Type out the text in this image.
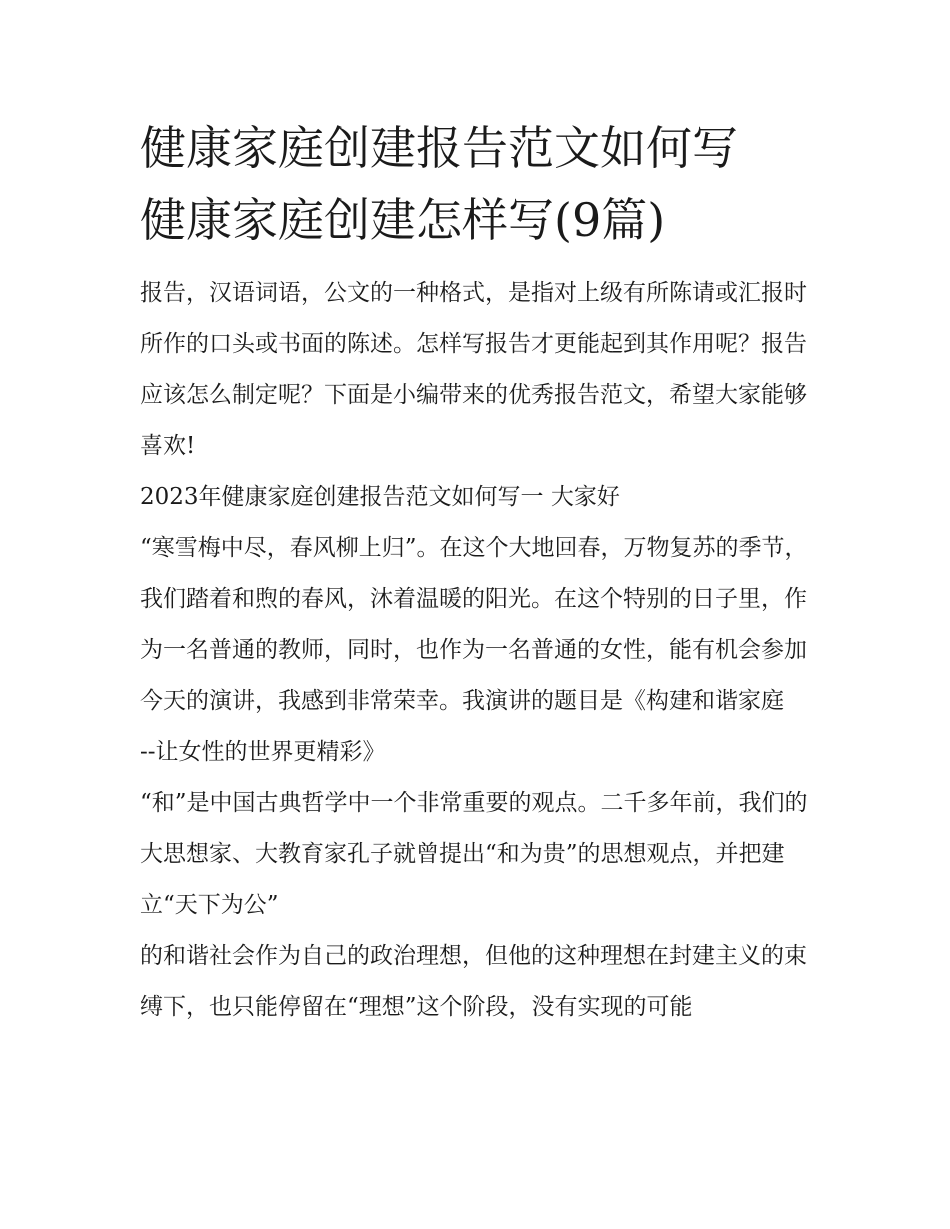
健康家庭创建报告范文如何写
健康家庭创建怎样写(9篇)

报告，汉语词语，公文的一种格式，是指对上级有所陈请或汇报时所作的口头或书面的陈述。怎样写报告才更能起到其作用呢？报告应该怎么制定呢？下面是小编带来的优秀报告范文，希望大家能够喜欢!

2023年健康家庭创建报告范文如何写一 大家好

“寒雪梅中尽，春风柳上归”。在这个大地回春，万物复苏的季节，我们踏着和煦的春风，沐着温暖的阳光。在这个特别的日子里，作为一名普通的教师，同时，也作为一名普通的女性，能有机会参加今天的演讲，我感到非常荣幸。我演讲的题目是《构建和谐家庭

--让女性的世界更精彩》

“和”是中国古典哲学中一个非常重要的观点。二千多年前，我们的大思想家、大教育家孔子就曾提出“和为贵”的思想观点，并把建立“天下为公”

的和谐社会作为自己的政治理想，但他的这种理想在封建主义的束缚下，也只能停留在“理想”这个阶段，没有实现的可能
